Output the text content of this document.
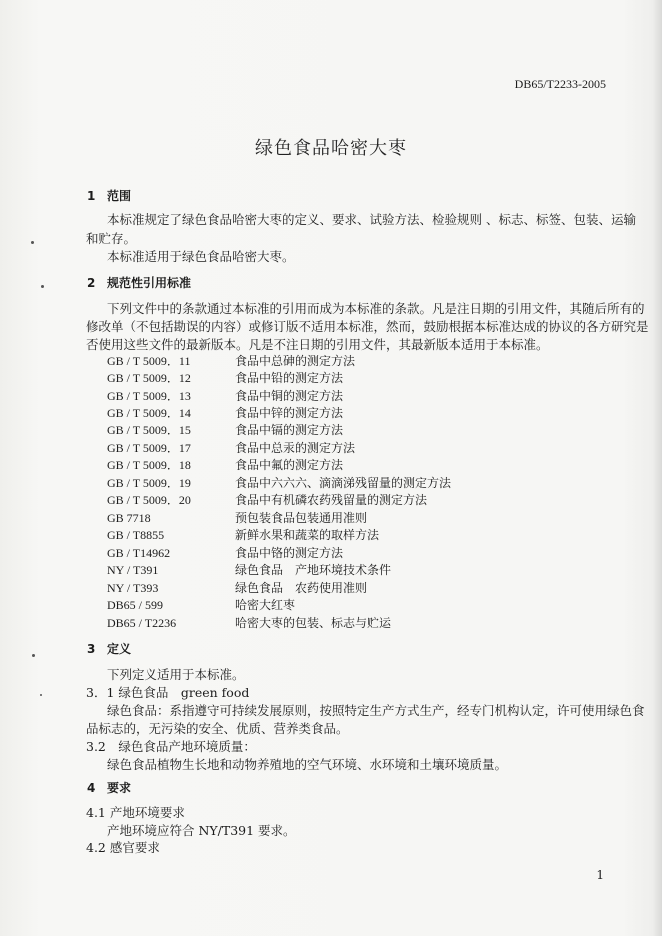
DB65/T2233-2005
绿色食品哈密大枣
1 范围
本标准规定了绿色食品哈密大枣的定义、要求、试验方法、检验规则 、标志、标签、包装、运输
和贮存。
本标准适用于绿色食品哈密大枣。
2 规范性引用标准
下列文件中的条款通过本标准的引用而成为本标准的条款。凡是注日期的引用文件，其随后所有的
修改单（不包括勘误的内容）或修订版不适用本标准，然而，鼓励根据本标准达成的协议的各方研究是
否使用这些文件的最新版本。凡是不注日期的引用文件，其最新版本适用于本标准。
GB / T 5009．11	食品中总砷的测定方法
GB / T 5009．12	食品中铅的测定方法
GB / T 5009．13	食品中铜的测定方法
GB / T 5009．14	食品中锌的测定方法
GB / T 5009．15	食品中镉的测定方法
GB / T 5009．17	食品中总汞的测定方法
GB / T 5009．18	食品中氟的测定方法
GB / T 5009．19	食品中六六六、滴滴涕残留量的测定方法
GB / T 5009．20	食品中有机磷农药残留量的测定方法
GB 7718	预包装食品包装通用准则
GB / T8855	新鲜水果和蔬菜的取样方法
GB / T14962	食品中铬的测定方法
NY / T391	绿色食品　产地环境技术条件
NY / T393	绿色食品　农药使用准则
DB65 / 599	哈密大红枣
DB65 / T2236	哈密大枣的包装、标志与贮运
3 定义
下列定义适用于本标准。
3．1 绿色食品　green food
绿色食品：系指遵守可持续发展原则，按照特定生产方式生产，经专门机构认定，许可使用绿色食
品标志的，无污染的安全、优质、营养类食品。
3.2　绿色食品产地环境质量：
绿色食品植物生长地和动物养殖地的空气环境、水环境和土壤环境质量。
4 要求
4.1 产地环境要求
产地环境应符合 NY/T391 要求。
4.2 感官要求
1
